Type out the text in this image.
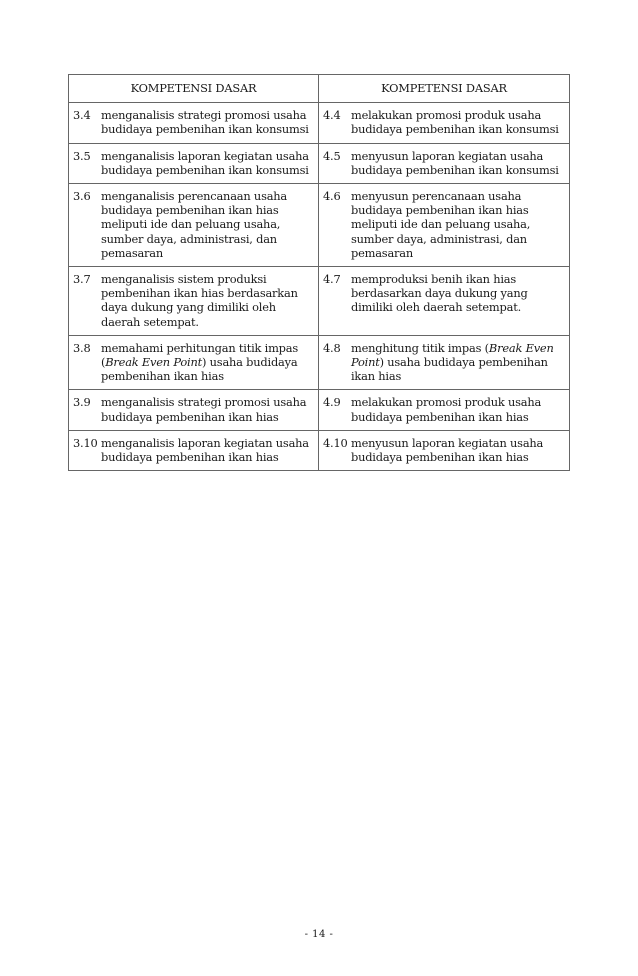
KOMPETENSI DASAR	KOMPETENSI DASAR

3.4 menganalisis strategi promosi usaha budidaya pembenihan ikan konsumsi	4.4 melakukan promosi produk usaha budidaya pembenihan ikan konsumsi

3.5 menganalisis laporan kegiatan usaha budidaya pembenihan ikan konsumsi	4.5 menyusun laporan kegiatan usaha budidaya pembenihan ikan konsumsi

3.6 menganalisis perencanaan usaha budidaya pembenihan ikan hias meliputi ide dan peluang usaha, sumber daya, administrasi, dan pemasaran	4.6 menyusun perencanaan usaha budidaya pembenihan ikan hias meliputi ide dan peluang usaha, sumber daya, administrasi, dan pemasaran

3.7 menganalisis sistem produksi pembenihan ikan hias berdasarkan daya dukung yang dimiliki oleh daerah setempat.	4.7 memproduksi benih ikan hias berdasarkan daya dukung yang dimiliki oleh daerah setempat.

3.8 memahami perhitungan titik impas (Break Even Point) usaha budidaya pembenihan ikan hias	4.8 menghitung titik impas (Break Even Point) usaha budidaya pembenihan ikan hias

3.9 menganalisis strategi promosi usaha budidaya pembenihan ikan hias	4.9 melakukan promosi produk usaha budidaya pembenihan ikan hias

3.10 menganalisis laporan kegiatan usaha budidaya pembenihan ikan hias	4.10 menyusun laporan kegiatan usaha budidaya pembenihan ikan hias
- 14 -
